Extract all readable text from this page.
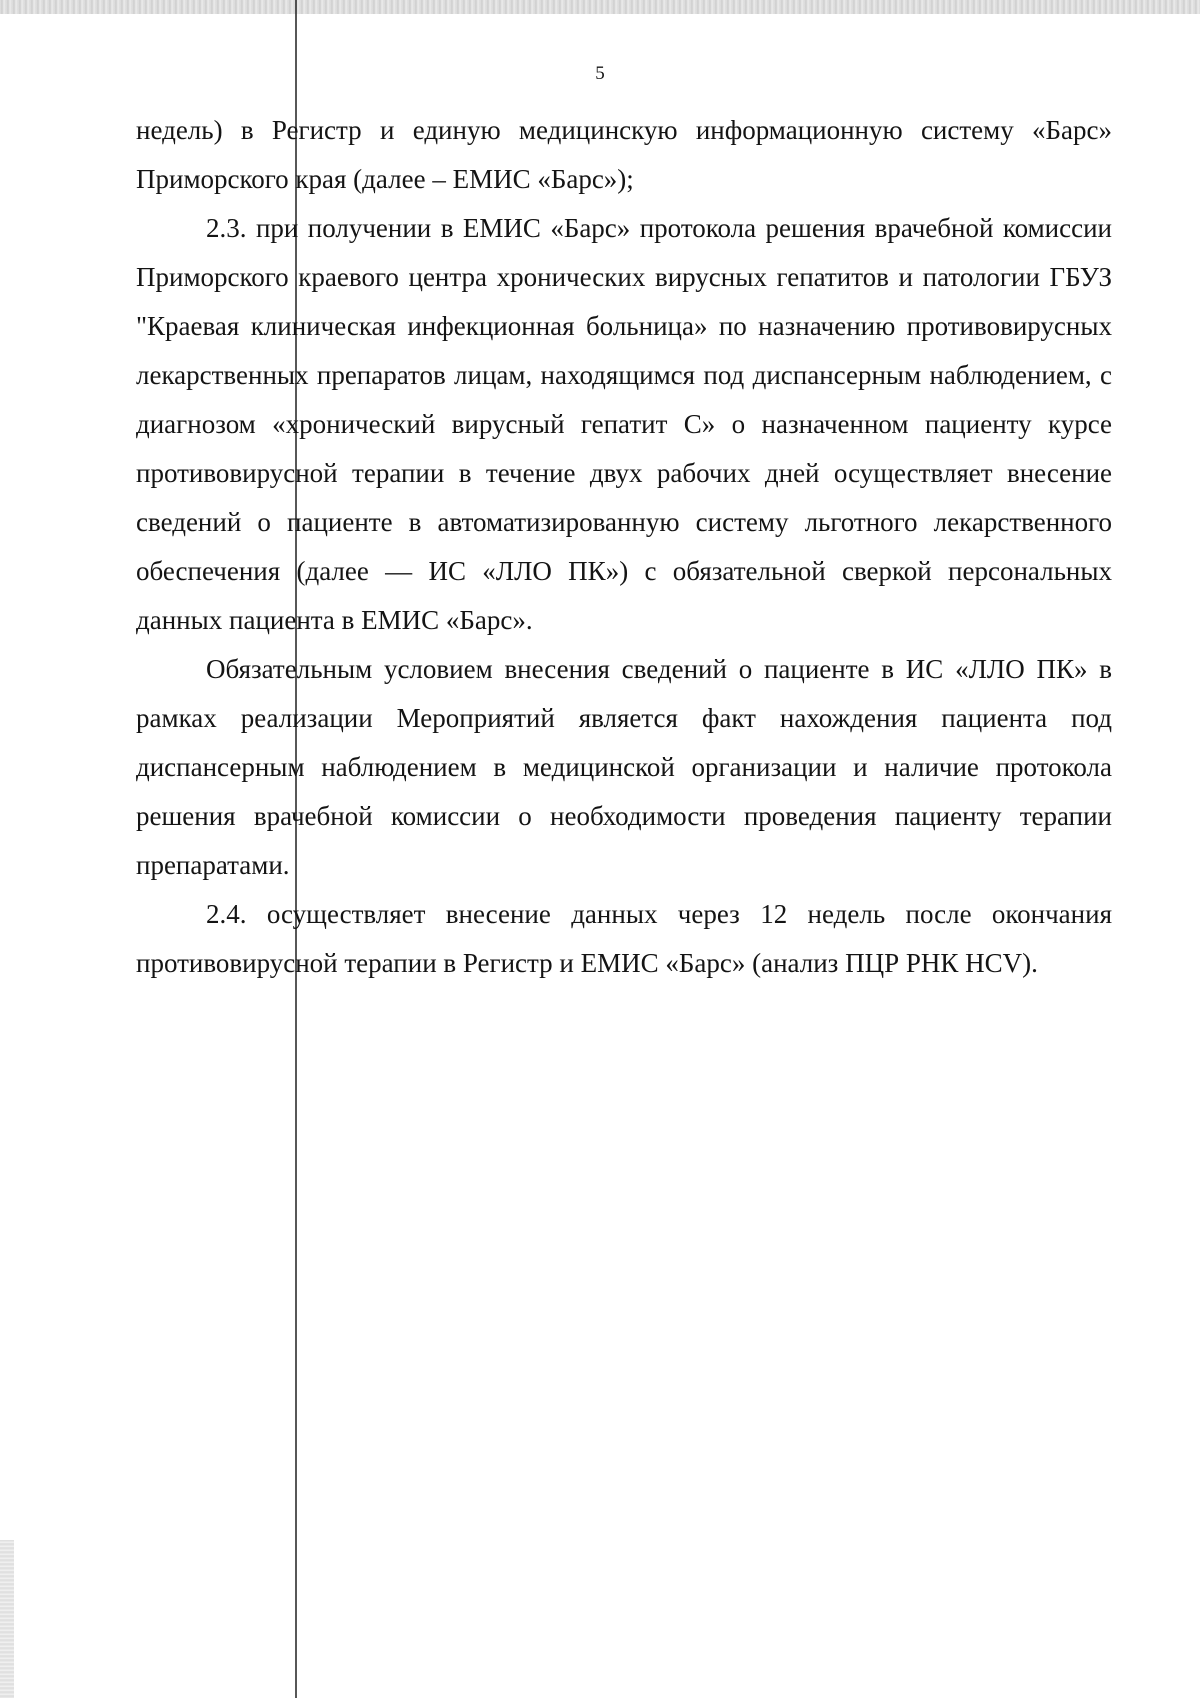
5

недель) в Регистр и единую медицинскую информационную систему «Барс» Приморского края (далее – ЕМИС «Барс»);

2.3. при получении в ЕМИС «Барс» протокола решения врачебной комиссии Приморского краевого центра хронических вирусных гепатитов и патологии ГБУЗ "Краевая клиническая инфекционная больница» по назначению противовирусных лекарственных препаратов лицам, находящимся под диспансерным наблюдением, с диагнозом «хронический вирусный гепатит С» о назначенном пациенту курсе противовирусной терапии в течение двух рабочих дней осуществляет внесение сведений о пациенте в автоматизированную систему льготного лекарственного обеспечения (далее — ИС «ЛЛО ПК») с обязательной сверкой персональных данных пациента в ЕМИС «Барс».

Обязательным условием внесения сведений о пациенте в ИС «ЛЛО ПК» в рамках реализации Мероприятий является факт нахождения пациента под диспансерным наблюдением в медицинской организации и наличие протокола решения врачебной комиссии о необходимости проведения пациенту терапии препаратами.

2.4. осуществляет внесение данных через 12 недель после окончания противовирусной терапии в Регистр и ЕМИС «Барс» (анализ ПЦР РНК HCV).
